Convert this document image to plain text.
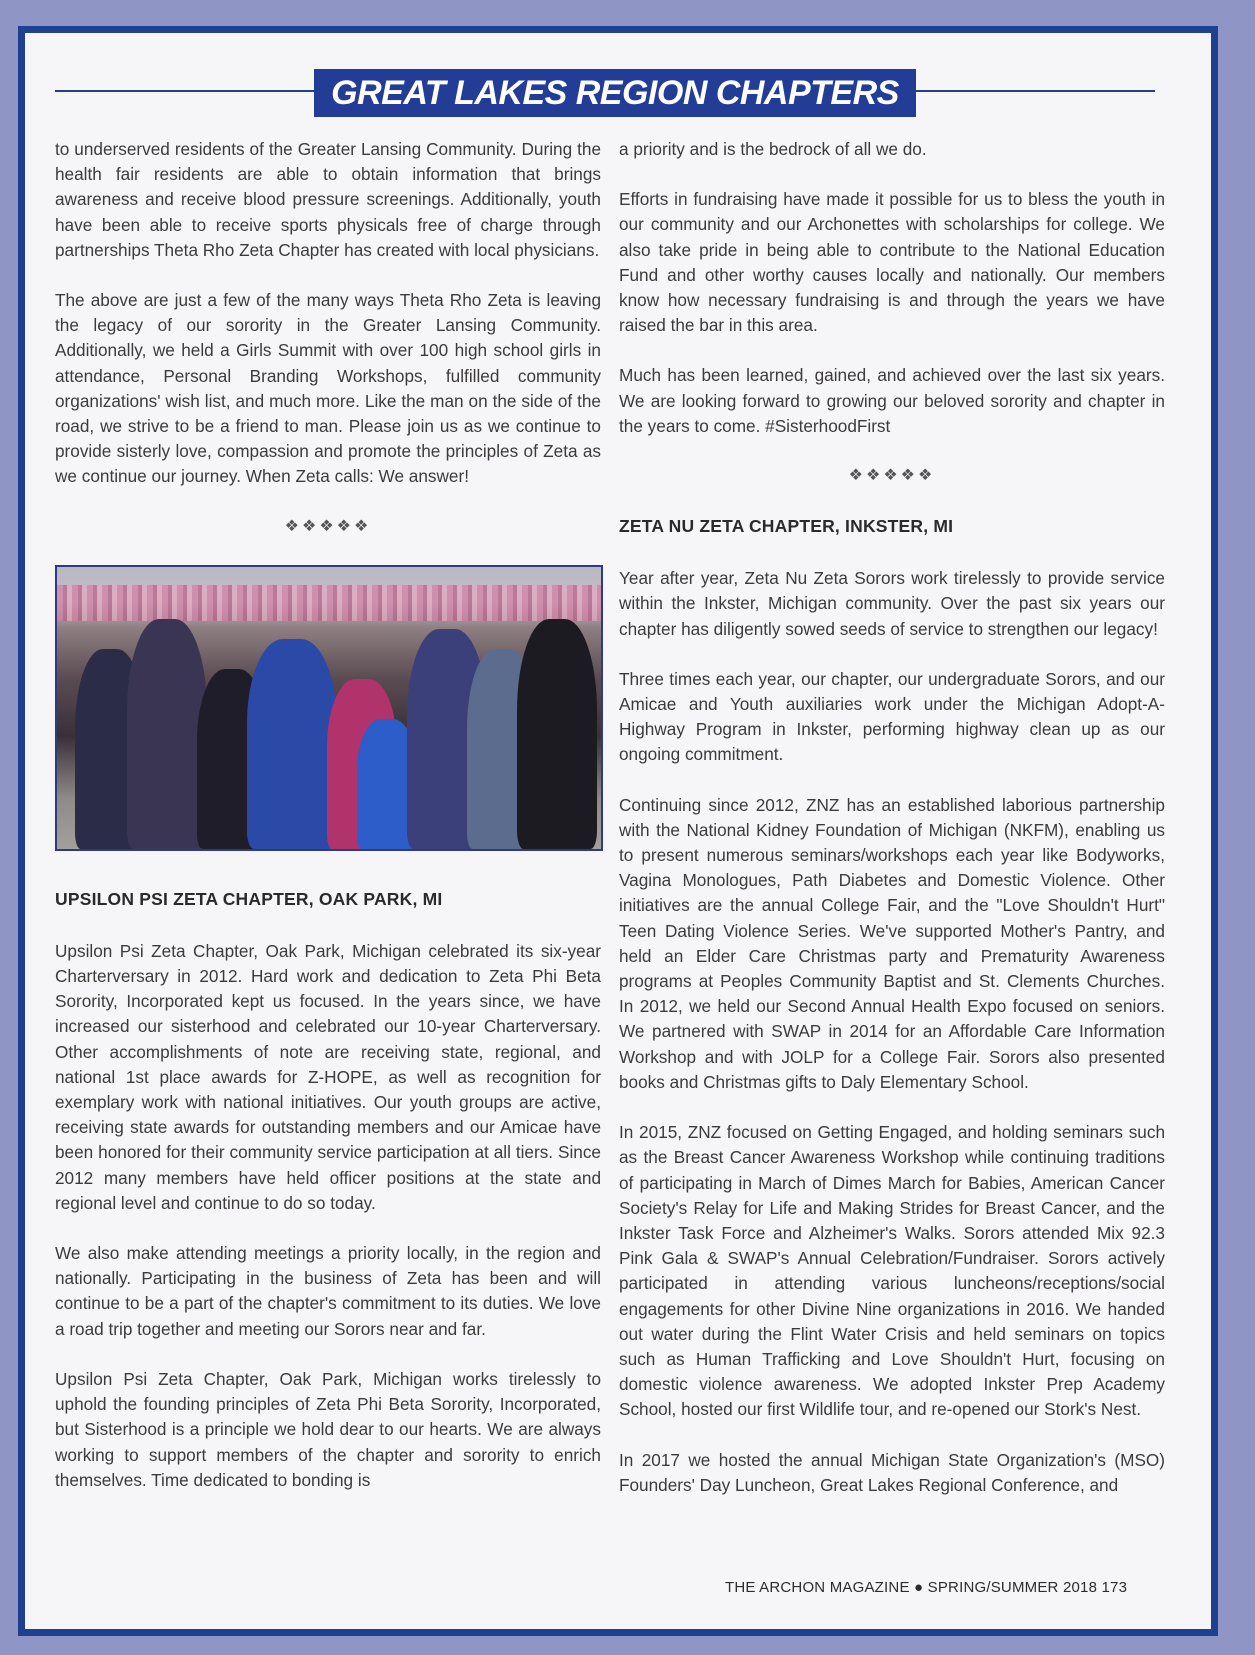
GREAT LAKES REGION CHAPTERS

to underserved residents of the Greater Lansing Community. During the health fair residents are able to obtain information that brings awareness and receive blood pressure screenings. Additionally, youth have been able to receive sports physicals free of charge through partnerships Theta Rho Zeta Chapter has created with local physicians.

The above are just a few of the many ways Theta Rho Zeta is leaving the legacy of our sorority in the Greater Lansing Community. Additionally, we held a Girls Summit with over 100 high school girls in attendance, Personal Branding Workshops, fulfilled community organizations' wish list, and much more. Like the man on the side of the road, we strive to be a friend to man. Please join us as we continue to provide sisterly love, compassion and promote the principles of Zeta as we continue our journey. When Zeta calls: We answer!

❖❖❖❖❖
UPSILON PSI ZETA CHAPTER, OAK PARK, MI

Upsilon Psi Zeta Chapter, Oak Park, Michigan celebrated its six-year Charterversary in 2012. Hard work and dedication to Zeta Phi Beta Sorority, Incorporated kept us focused. In the years since, we have increased our sisterhood and celebrated our 10-year Charterversary. Other accomplishments of note are receiving state, regional, and national 1st place awards for Z-HOPE, as well as recognition for exemplary work with national initiatives. Our youth groups are active, receiving state awards for outstanding members and our Amicae have been honored for their community service participation at all tiers. Since 2012 many members have held officer positions at the state and regional level and continue to do so today.

We also make attending meetings a priority locally, in the region and nationally. Participating in the business of Zeta has been and will continue to be a part of the chapter's commitment to its duties. We love a road trip together and meeting our Sorors near and far.

Upsilon Psi Zeta Chapter, Oak Park, Michigan works tirelessly to uphold the founding principles of Zeta Phi Beta Sorority, Incorporated, but Sisterhood is a principle we hold dear to our hearts. We are always working to support members of the chapter and sorority to enrich themselves. Time dedicated to bonding is

a priority and is the bedrock of all we do.

Efforts in fundraising have made it possible for us to bless the youth in our community and our Archonettes with scholarships for college. We also take pride in being able to contribute to the National Education Fund and other worthy causes locally and nationally. Our members know how necessary fundraising is and through the years we have raised the bar in this area.

Much has been learned, gained, and achieved over the last six years. We are looking forward to growing our beloved sorority and chapter in the years to come. #SisterhoodFirst

❖❖❖❖❖
ZETA NU ZETA CHAPTER, INKSTER, MI

Year after year, Zeta Nu Zeta Sorors work tirelessly to provide service within the Inkster, Michigan community. Over the past six years our chapter has diligently sowed seeds of service to strengthen our legacy!

Three times each year, our chapter, our undergraduate Sorors, and our Amicae and Youth auxiliaries work under the Michigan Adopt-A-Highway Program in Inkster, performing highway clean up as our ongoing commitment.

Continuing since 2012, ZNZ has an established laborious partnership with the National Kidney Foundation of Michigan (NKFM), enabling us to present numerous seminars/workshops each year like Bodyworks, Vagina Monologues, Path Diabetes and Domestic Violence. Other initiatives are the annual College Fair, and the "Love Shouldn't Hurt" Teen Dating Violence Series. We've supported Mother's Pantry, and held an Elder Care Christmas party and Prematurity Awareness programs at Peoples Community Baptist and St. Clements Churches. In 2012, we held our Second Annual Health Expo focused on seniors. We partnered with SWAP in 2014 for an Affordable Care Information Workshop and with JOLP for a College Fair. Sorors also presented books and Christmas gifts to Daly Elementary School.

In 2015, ZNZ focused on Getting Engaged, and holding seminars such as the Breast Cancer Awareness Workshop while continuing traditions of participating in March of Dimes March for Babies, American Cancer Society's Relay for Life and Making Strides for Breast Cancer, and the Inkster Task Force and Alzheimer's Walks. Sorors attended Mix 92.3 Pink Gala & SWAP's Annual Celebration/Fundraiser. Sorors actively participated in attending various luncheons/receptions/social engagements for other Divine Nine organizations in 2016. We handed out water during the Flint Water Crisis and held seminars on topics such as Human Trafficking and Love Shouldn't Hurt, focusing on domestic violence awareness. We adopted Inkster Prep Academy School, hosted our first Wildlife tour, and re-opened our Stork's Nest.

In 2017 we hosted the annual Michigan State Organization's (MSO) Founders' Day Luncheon, Great Lakes Regional Conference, and

THE ARCHON MAGAZINE ● SPRING/SUMMER 2018 173
